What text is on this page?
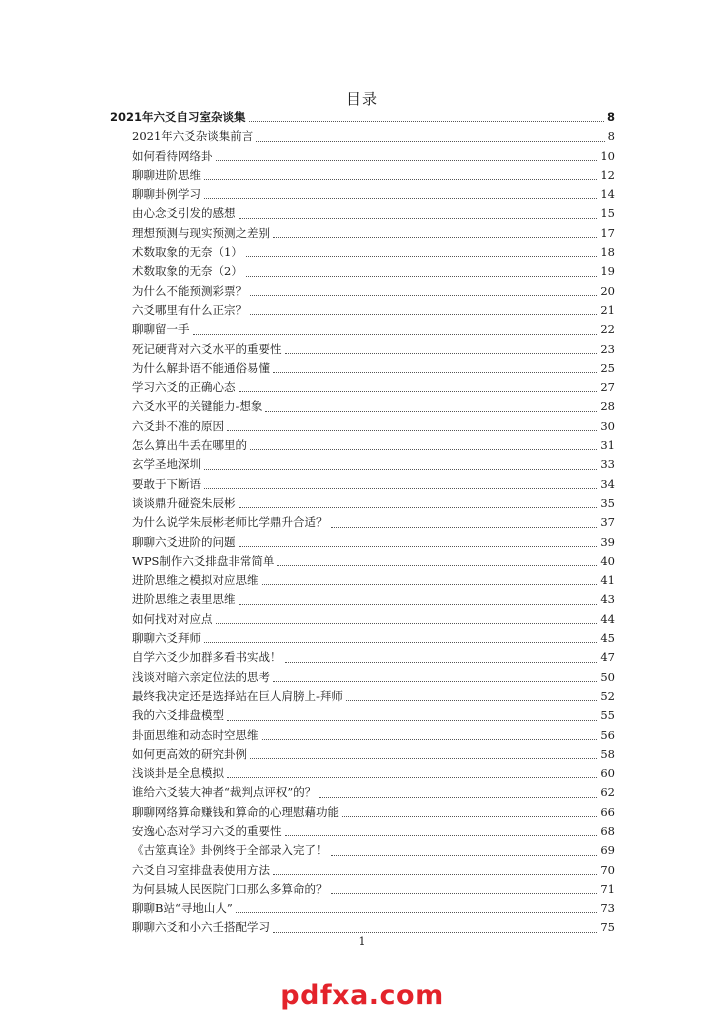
目录
2021年六爻自习室杂谈集	8
2021年六爻杂谈集前言	8
如何看待网络卦	10
聊聊进阶思维	12
聊聊卦例学习	14
由心念爻引发的感想	15
理想预测与现实预测之差别	17
术数取象的无奈（1）	18
术数取象的无奈（2）	19
为什么不能预测彩票？	20
六爻哪里有什么正宗？	21
聊聊留一手	22
死记硬背对六爻水平的重要性	23
为什么解卦语不能通俗易懂	25
学习六爻的正确心态	27
六爻水平的关键能力-想象	28
六爻卦不准的原因	30
怎么算出牛丢在哪里的	31
玄学圣地深圳	33
要敢于下断语	34
谈谈鼎升碰瓷朱辰彬	35
为什么说学朱辰彬老师比学鼎升合适？	37
聊聊六爻进阶的问题	39
WPS制作六爻排盘非常简单	40
进阶思维之模拟对应思维	41
进阶思维之表里思维	43
如何找对对应点	44
聊聊六爻拜师	45
自学六爻少加群多看书实战！	47
浅谈对暗六亲定位法的思考	50
最终我决定还是选择站在巨人肩膀上-拜师	52
我的六爻排盘模型	55
卦面思维和动态时空思维	56
如何更高效的研究卦例	58
浅谈卦是全息模拟	60
谁给六爻装大神者“裁判点评权”的？	62
聊聊网络算命赚钱和算命的心理慰藉功能	66
安逸心态对学习六爻的重要性	68
《古筮真诠》卦例终于全部录入完了！	69
六爻自习室排盘表使用方法	70
为何县城人民医院门口那么多算命的？	71
聊聊B站“寻地山人”	73
聊聊六爻和小六壬搭配学习	75
1
pdfxa.com
